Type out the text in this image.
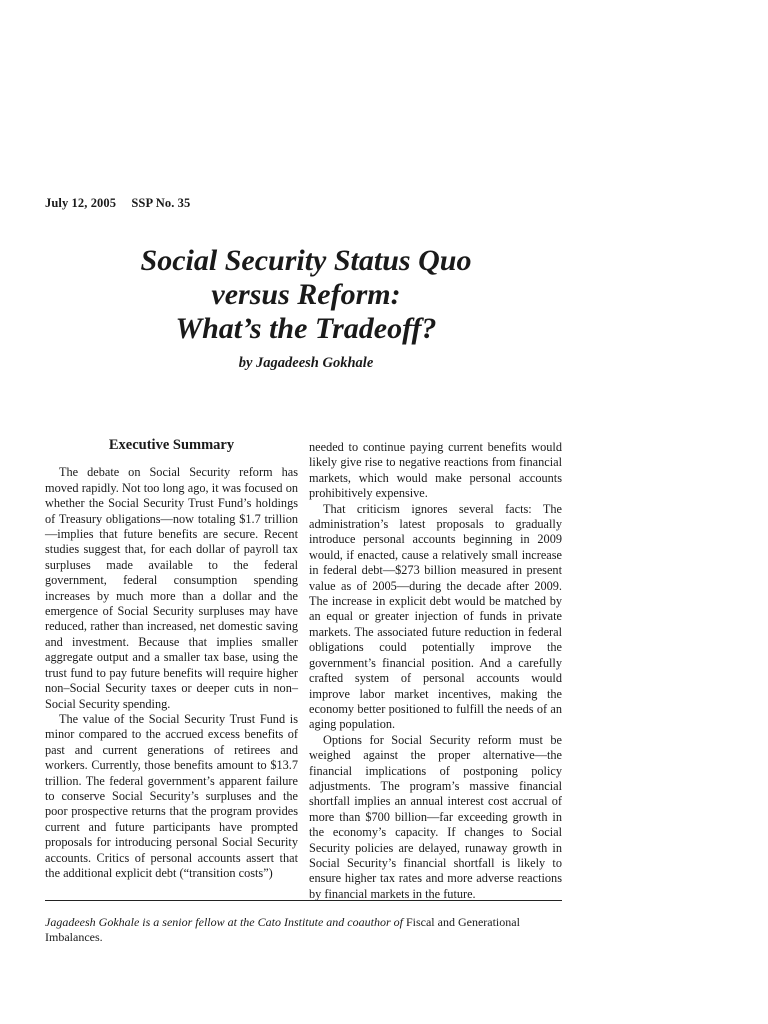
July 12, 2005 SSP No. 35
Social Security Status Quo
versus Reform:
What’s the Tradeoff?
by Jagadeesh Gokhale
Executive Summary

The debate on Social Security reform has moved rapidly. Not too long ago, it was focused on whether the Social Security Trust Fund’s holdings of Treasury obligations—now totaling $1.7 trillion—implies that future benefits are secure. Recent studies suggest that, for each dollar of payroll tax surpluses made available to the federal government, federal consumption spending increases by much more than a dollar and the emergence of Social Security surpluses may have reduced, rather than increased, net domestic saving and investment. Because that implies smaller aggregate output and a smaller tax base, using the trust fund to pay future benefits will require higher non–Social Security taxes or deeper cuts in non–Social Security spending.

The value of the Social Security Trust Fund is minor compared to the accrued excess benefits of past and current generations of retirees and workers. Currently, those benefits amount to $13.7 trillion. The federal government’s apparent failure to conserve Social Security’s surpluses and the poor prospective returns that the program provides current and future participants have prompted proposals for introducing personal Social Security accounts. Critics of personal accounts assert that the additional explicit debt (“transition costs”)

needed to continue paying current benefits would likely give rise to negative reactions from financial markets, which would make personal accounts prohibitively expensive.

That criticism ignores several facts: The administration’s latest proposals to gradually introduce personal accounts beginning in 2009 would, if enacted, cause a relatively small increase in federal debt—$273 billion measured in present value as of 2005—during the decade after 2009. The increase in explicit debt would be matched by an equal or greater injection of funds in private markets. The associated future reduction in federal obligations could potentially improve the government’s financial position. And a carefully crafted system of personal accounts would improve labor market incentives, making the economy better positioned to fulfill the needs of an aging population.

Options for Social Security reform must be weighed against the proper alternative—the financial implications of postponing policy adjustments. The program’s massive financial shortfall implies an annual interest cost accrual of more than $700 billion—far exceeding growth in the economy’s capacity. If changes to Social Security policies are delayed, runaway growth in Social Security’s financial shortfall is likely to ensure higher tax rates and more adverse reactions by financial markets in the future.

Jagadeesh Gokhale is a senior fellow at the Cato Institute and coauthor of Fiscal and Generational Imbalances.
